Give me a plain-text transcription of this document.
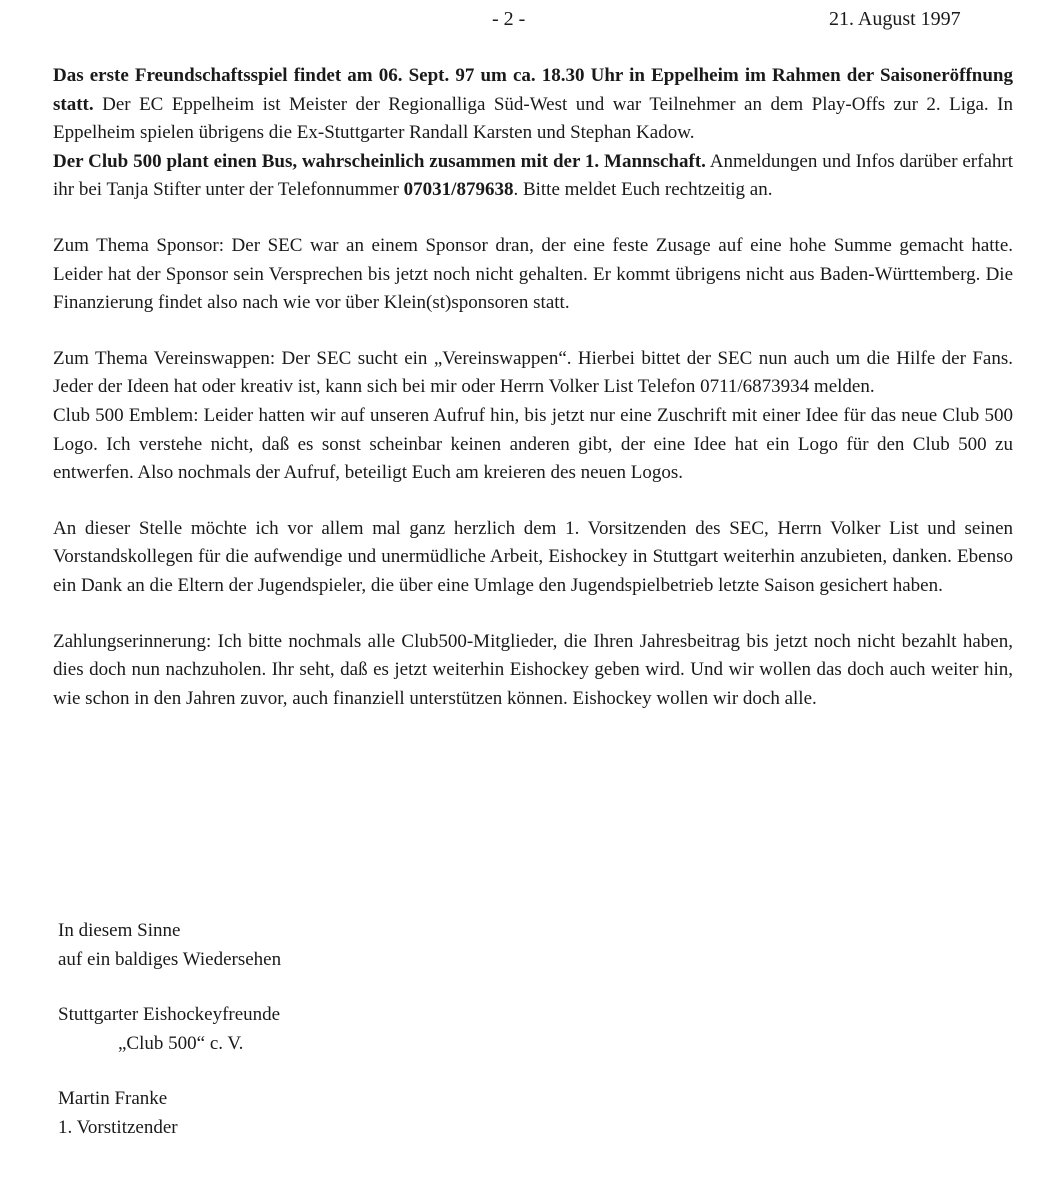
- 2 -	21. August 1997

Das erste Freundschaftsspiel findet am 06. Sept. 97 um ca. 18.30 Uhr in Eppelheim im Rahmen der Saisoneröffnung statt. Der EC Eppelheim ist Meister der Regionalliga Süd-West und war Teilnehmer an dem Play-Offs zur 2. Liga. In Eppelheim spielen übrigens die Ex-Stuttgarter Randall Karsten und Stephan Kadow.

Der Club 500 plant einen Bus, wahrscheinlich zusammen mit der 1. Mannschaft. Anmeldungen und Infos darüber erfahrt ihr bei Tanja Stifter unter der Telefonnummer 07031/879638. Bitte meldet Euch rechtzeitig an.

Zum Thema Sponsor: Der SEC war an einem Sponsor dran, der eine feste Zusage auf eine hohe Summe gemacht hatte. Leider hat der Sponsor sein Versprechen bis jetzt noch nicht gehalten. Er kommt übrigens nicht aus Baden-Württemberg. Die Finanzierung findet also nach wie vor über Klein(st)sponsoren statt.

Zum Thema Vereinswappen: Der SEC sucht ein „Vereinswappen“. Hierbei bittet der SEC nun auch um die Hilfe der Fans. Jeder der Ideen hat oder kreativ ist, kann sich bei mir oder Herrn Volker List Telefon 0711/6873934 melden.

Club 500 Emblem: Leider hatten wir auf unseren Aufruf hin, bis jetzt nur eine Zuschrift mit einer Idee für das neue Club 500 Logo. Ich verstehe nicht, daß es sonst scheinbar keinen anderen gibt, der eine Idee hat ein Logo für den Club 500 zu entwerfen. Also nochmals der Aufruf, beteiligt Euch am kreieren des neuen Logos.

An dieser Stelle möchte ich vor allem mal ganz herzlich dem 1. Vorsitzenden des SEC, Herrn Volker List und seinen Vorstandskollegen für die aufwendige und unermüdliche Arbeit, Eishockey in Stuttgart weiterhin anzubieten, danken. Ebenso ein Dank an die Eltern der Jugendspieler, die über eine Umlage den Jugendspielbetrieb letzte Saison gesichert haben.

Zahlungserinnerung: Ich bitte nochmals alle Club500-Mitglieder, die Ihren Jahresbeitrag bis jetzt noch nicht bezahlt haben, dies doch nun nachzuholen. Ihr seht, daß es jetzt weiterhin Eishockey geben wird. Und wir wollen das doch auch weiter hin, wie schon in den Jahren zuvor, auch finanziell unterstützen können. Eishockey wollen wir doch alle.

In diesem Sinne
auf ein baldiges Wiedersehen

Stuttgarter Eishockeyfreunde
„Club 500“ c. V.

Martin Franke
1. Vorstitzender
